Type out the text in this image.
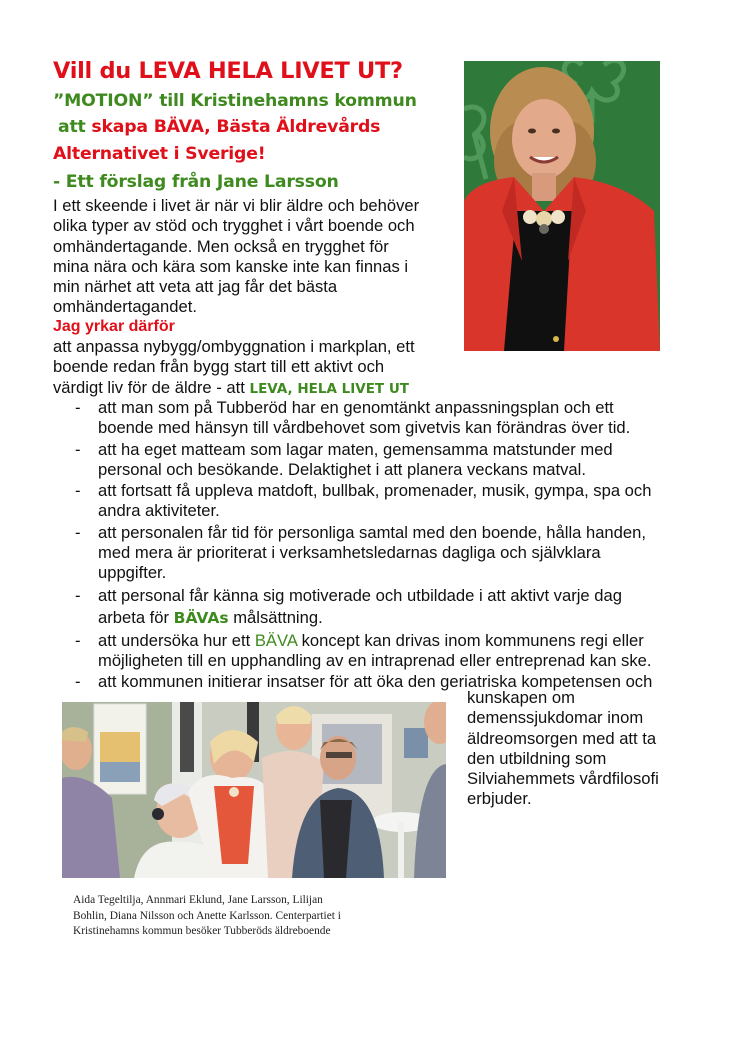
Vill du LEVA HELA LIVET UT?
”MOTION” till Kristinehamns kommun
att skapa BÄVA, Bästa Äldrevårds
Alternativet i Sverige!
- Ett förslag från Jane Larsson
I ett skeende i livet är när vi blir äldre och behöver
olika typer av stöd och trygghet i vårt boende och
omhändertagande. Men också en trygghet för
mina nära och kära som kanske inte kan finnas i
min närhet att veta att jag får det bästa
omhändertagandet.
Jag yrkar därför
att anpassa nybygg/ombyggnation i markplan, ett
boende redan från bygg start till ett aktivt och
värdigt liv för de äldre - att LEVA, HELA LIVET UT
- att man som på Tubberöd har en genomtänkt anpassningsplan och ett
boende med hänsyn till vårdbehovet som givetvis kan förändras över tid.
- att ha eget matteam som lagar maten, gemensamma matstunder med
personal och besökande. Delaktighet i att planera veckans matval.
- att fortsatt få uppleva matdoft, bullbak, promenader, musik, gympa, spa och
andra aktiviteter.
- att personalen får tid för personliga samtal med den boende, hålla handen,
med mera är prioriterat i verksamhetsledarnas dagliga och självklara
uppgifter.
- att personal får känna sig motiverade och utbildade i att aktivt varje dag
arbeta för BÄVAs målsättning.
- att undersöka hur ett BÄVA koncept kan drivas inom kommunens regi eller
möjligheten till en upphandling av en intraprenad eller entreprenad kan ske.
- att kommunen initierar insatser för att öka den geriatriska kompetensen och
kunskapen om
demenssjukdomar inom
äldreomsorgen med att ta
den utbildning som
Silviahemmets vårdfilosofi
erbjuder.
Aida Tegeltilja, Annmari Eklund, Jane Larsson, Lilijan
Bohlin, Diana Nilsson och Anette Karlsson. Centerpartiet i
Kristinehamns kommun besöker Tubberöds äldreboende
